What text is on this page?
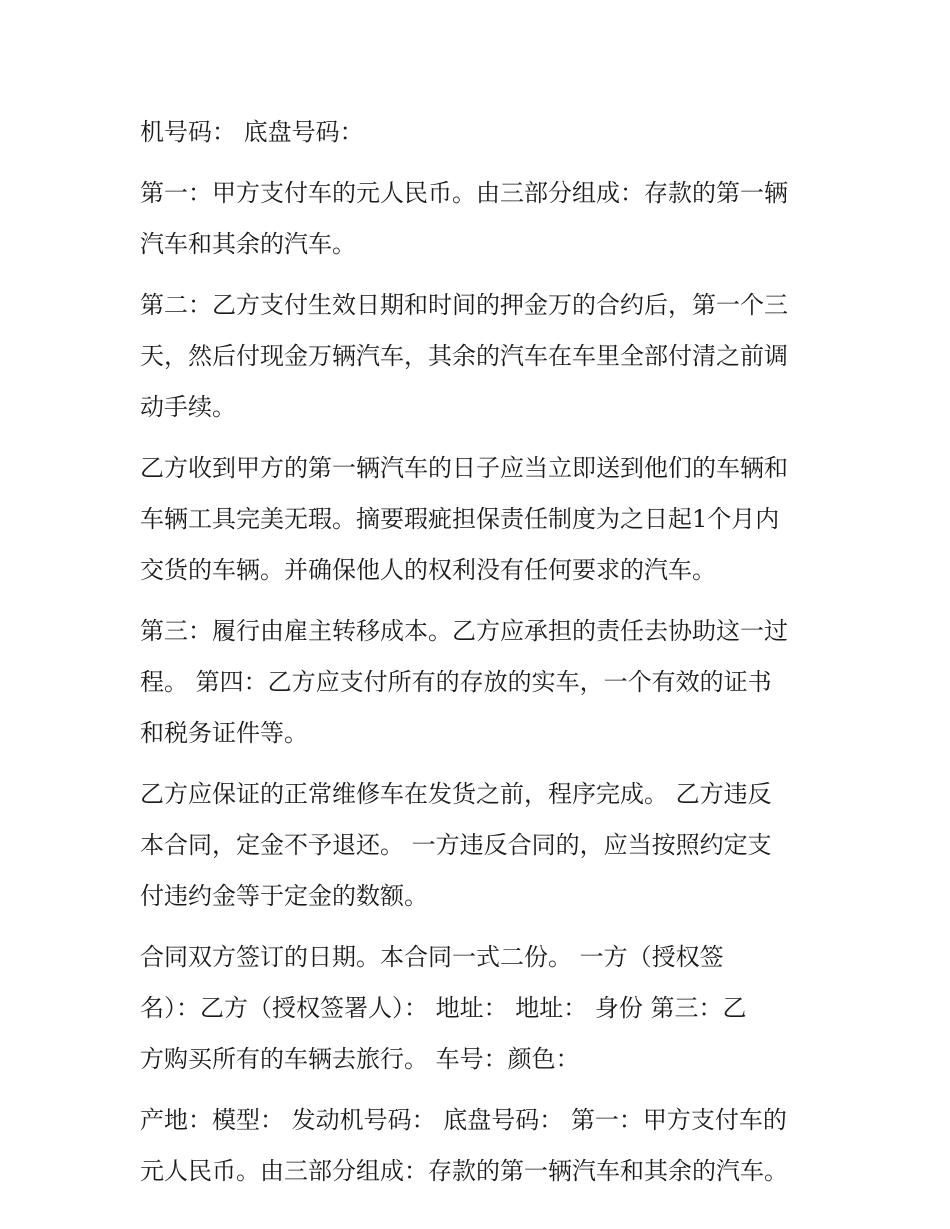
机号码： 底盘号码：
第一：甲方支付车的元人民币。由三部分组成：存款的第一辆
汽车和其余的汽车。
第二：乙方支付生效日期和时间的押金万的合约后，第一个三
天，然后付现金万辆汽车，其余的汽车在车里全部付清之前调
动手续。
乙方收到甲方的第一辆汽车的日子应当立即送到他们的车辆和
车辆工具完美无瑕。摘要瑕疵担保责任制度为之日起1个月内
交货的车辆。并确保他人的权利没有任何要求的汽车。
第三：履行由雇主转移成本。乙方应承担的责任去协助这一过
程。 第四：乙方应支付所有的存放的实车，一个有效的证书
和税务证件等。
乙方应保证的正常维修车在发货之前，程序完成。 乙方违反
本合同，定金不予退还。 一方违反合同的，应当按照约定支
付违约金等于定金的数额。
合同双方签订的日期。本合同一式二份。 一方（授权签
名）：乙方（授权签署人）： 地址： 地址： 身份 第三：乙
方购买所有的车辆去旅行。 车号：颜色：
产地：模型： 发动机号码： 底盘号码： 第一：甲方支付车的
元人民币。由三部分组成：存款的第一辆汽车和其余的汽车。
